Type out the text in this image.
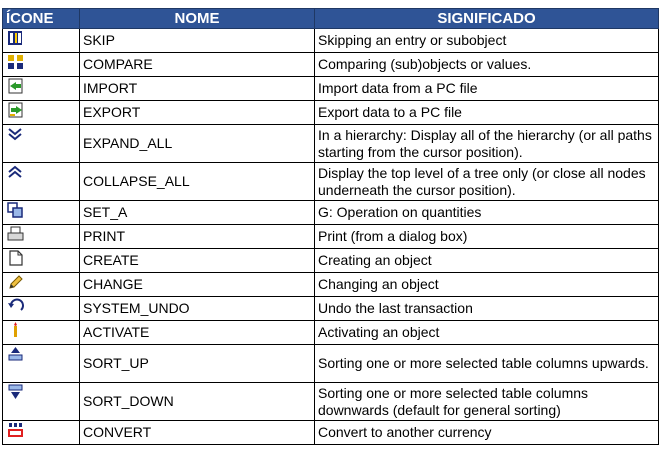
ÍCONE	NOME	SIGNIFICADO

	SKIP	Skipping an entry or subobject

	COMPARE	Comparing (sub)objects or values.

	IMPORT	Import data from a PC file

	EXPORT	Export data to a PC file

	EXPAND_ALL	In a hierarchy: Display all of the hierarchy (or all paths starting from the cursor position).

	COLLAPSE_ALL	Display the top level of a tree only (or close all nodes underneath the cursor position).

	SET_A	G: Operation on quantities

	PRINT	Print (from a dialog box)

	CREATE	Creating an object

	CHANGE	Changing an object

	SYSTEM_UNDO	Undo the last transaction

	ACTIVATE	Activating an object

	SORT_UP	Sorting one or more selected table columns upwards.

	SORT_DOWN	Sorting one or more selected table columns downwards (default for general sorting)

	CONVERT	Convert to another currency
